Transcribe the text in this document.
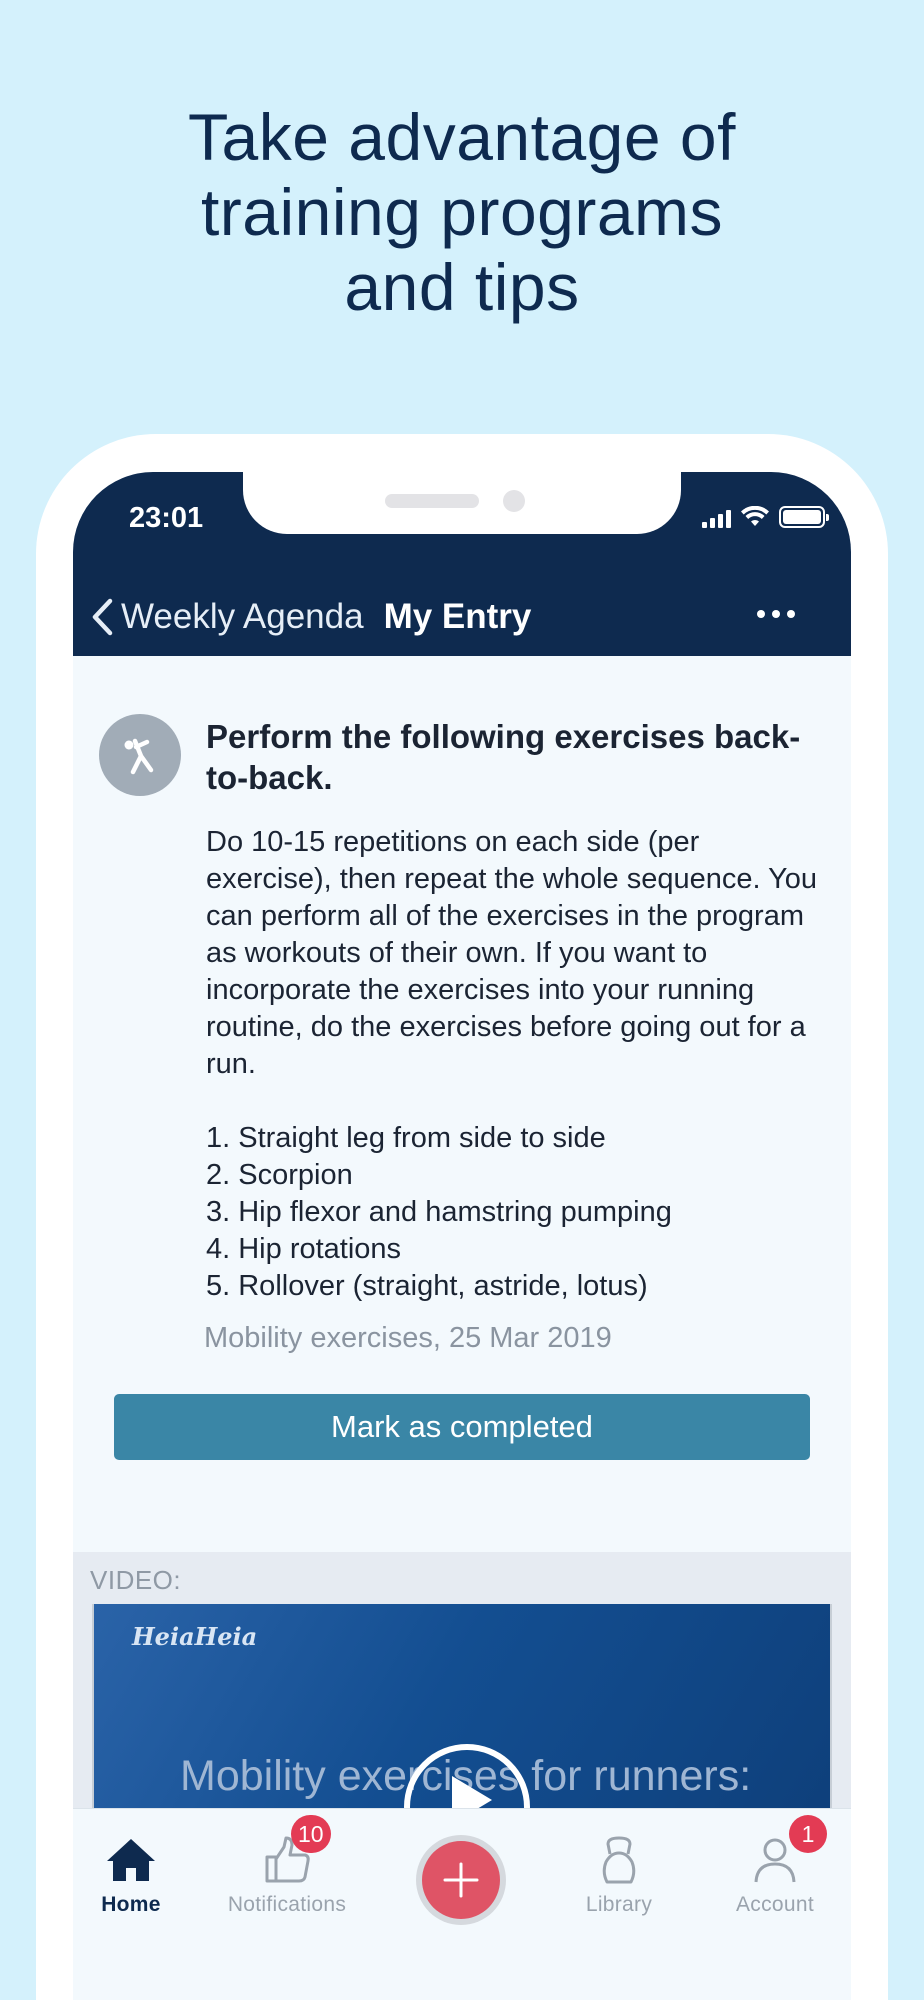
Take advantage of
training programs
and tips
23:01
Weekly Agenda My Entry
Perform the following exercises back-to-back.
Do 10-15 repetitions on each side (per exercise), then repeat the whole sequence. You can perform all of the exercises in the program as workouts of their own. If you want to incorporate the exercises into your running routine, do the exercises before going out for a run.
1. Straight leg from side to side
2. Scorpion
3. Hip flexor and hamstring pumping
4. Hip rotations
5. Rollover (straight, astride, lotus)
Mobility exercises, 25 Mar 2019
Mark as completed
VIDEO:
HeiaHeia
Mobility exercises for runners:
Home	Notifications
10
Library	Account
1
